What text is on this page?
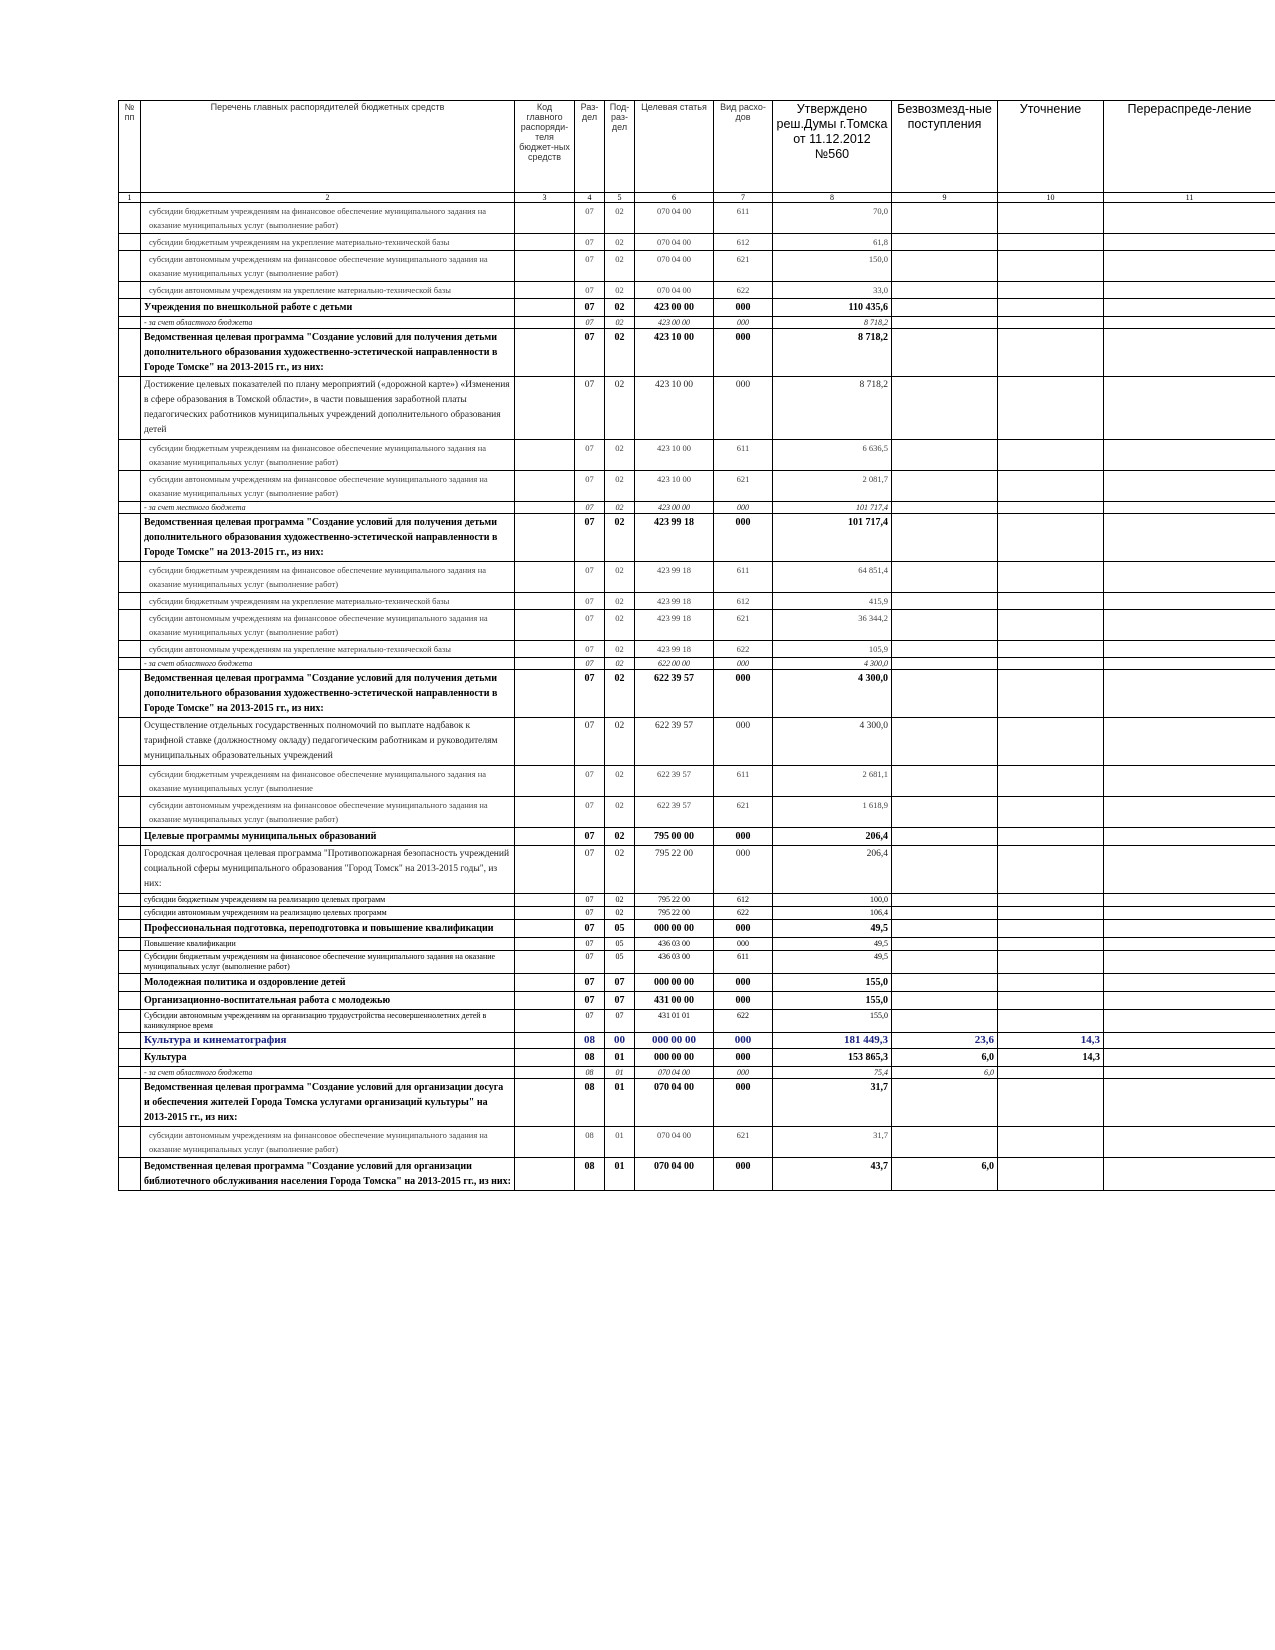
№ пп	Перечень главных распорядителей бюджетных средств	Код главного распоряди-теля бюджет-ных средств	Раз-дел	Под-раз-дел	Целевая статья	Вид расхо-дов	Утверждено реш.Думы г.Томска от 11.12.2012 №560	Безвозмезд-ные поступления	Уточнение	Перераспреде-ление
1	2	3	4	5	6	7	8	9	10	11
	субсидии бюджетным учреждениям на финансовое обеспечение муниципального задания на оказание муниципальных услуг (выполнение работ)		07	02	070 04 00	611	70,0			
	субсидии бюджетным учреждениям на укрепление материально-технической базы		07	02	070 04 00	612	61,8			
	субсидии автономным учреждениям на финансовое обеспечение муниципального задания на оказание муниципальных услуг (выполнение работ)		07	02	070 04 00	621	150,0			
	субсидии автономным учреждениям на укрепление материально-технической базы		07	02	070 04 00	622	33,0			
	Учреждения по внешкольной работе с детьми		07	02	423 00 00	000	110 435,6			
	- за счет областного бюджета		07	02	423 00 00	000	8 718,2			
	Ведомственная целевая программа "Создание условий для получения детьми дополнительного образования художественно-эстетической направленности в Городе Томске" на 2013-2015 гг., из них:		07	02	423 10 00	000	8 718,2			
	Достижение целевых показателей по плану мероприятий («дорожной карте») «Изменения в сфере образования в Томской области», в части повышения заработной платы педагогических работников муниципальных учреждений дополнительного образования детей		07	02	423 10 00	000	8 718,2			
	субсидии бюджетным учреждениям на финансовое обеспечение муниципального задания на оказание муниципальных услуг (выполнение работ)		07	02	423 10 00	611	6 636,5			
	субсидии автономным учреждениям на финансовое обеспечение муниципального задания на оказание муниципальных услуг (выполнение работ)		07	02	423 10 00	621	2 081,7			
	- за счет местного бюджета		07	02	423 00 00	000	101 717,4			
	Ведомственная целевая программа "Создание условий для получения детьми дополнительного образования художественно-эстетической направленности в Городе Томске" на 2013-2015 гг., из них:		07	02	423 99 18	000	101 717,4			
	субсидии бюджетным учреждениям на финансовое обеспечение муниципального задания на оказание муниципальных услуг (выполнение работ)		07	02	423 99 18	611	64 851,4			
	субсидии бюджетным учреждениям на укрепление материально-технической базы		07	02	423 99 18	612	415,9			
	субсидии автономным учреждениям на финансовое обеспечение муниципального задания на оказание муниципальных услуг (выполнение работ)		07	02	423 99 18	621	36 344,2			
	субсидии автономным учреждениям на укрепление материально-технической базы		07	02	423 99 18	622	105,9			
	- за счет областного бюджета		07	02	622 00 00	000	4 300,0			
	Ведомственная целевая программа "Создание условий для получения детьми дополнительного образования художественно-эстетической направленности в Городе Томске" на 2013-2015 гг., из них:		07	02	622 39 57	000	4 300,0			
	Осуществление отдельных государственных полномочий по выплате надбавок к тарифной ставке (должностному окладу) педагогическим работникам и руководителям муниципальных образовательных учреждений		07	02	622 39 57	000	4 300,0			
	субсидии бюджетным учреждениям на финансовое обеспечение муниципального задания на оказание муниципальных услуг (выполнение		07	02	622 39 57	611	2 681,1			
	субсидии автономным учреждениям на финансовое обеспечение муниципального задания на оказание муниципальных услуг (выполнение работ)		07	02	622 39 57	621	1 618,9			
	Целевые программы муниципальных образований		07	02	795 00 00	000	206,4			
	Городская долгосрочная целевая программа "Противопожарная безопасность учреждений социальной сферы муниципального образования "Город Томск" на 2013-2015 годы", из них:		07	02	795 22 00	000	206,4			
	субсидии бюджетным учреждениям на реализацию целевых программ		07	02	795 22 00	612	100,0			
	субсидии автономным учреждениям на реализацию целевых программ		07	02	795 22 00	622	106,4			
	Профессиональная подготовка, переподготовка и повышение квалификации		07	05	000 00 00	000	49,5			
	Повышение квалификации		07	05	436 03 00	000	49,5			
	Субсидии бюджетным учреждениям на финансовое обеспечение муниципального задания на оказание муниципальных услуг (выполнение работ)		07	05	436 03 00	611	49,5			
	Молодежная политика и оздоровление детей		07	07	000 00 00	000	155,0			
	Организационно-воспитательная работа с молодежью		07	07	431 00 00	000	155,0			
	Субсидии автономным учреждениям на организацию трудоустройства несовершеннолетних детей в каникулярное время		07	07	431 01 01	622	155,0			
	Культура и кинематография		08	00	000 00 00	000	181 449,3	23,6	14,3	
	Культура		08	01	000 00 00	000	153 865,3	6,0	14,3	
	- за счет областного бюджета		08	01	070 04 00	000	75,4	6,0		
	Ведомственная целевая программа "Создание условий для организации досуга и обеспечения жителей Города Томска услугами организаций культуры" на 2013-2015 гг., из них:		08	01	070 04 00	000	31,7			
	субсидии автономным учреждениям на финансовое обеспечение муниципального задания на оказание муниципальных услуг (выполнение работ)		08	01	070 04 00	621	31,7			
	Ведомственная целевая программа "Создание условий для организации библиотечного обслуживания населения Города Томска" на 2013-2015 гг., из них:		08	01	070 04 00	000	43,7	6,0		
